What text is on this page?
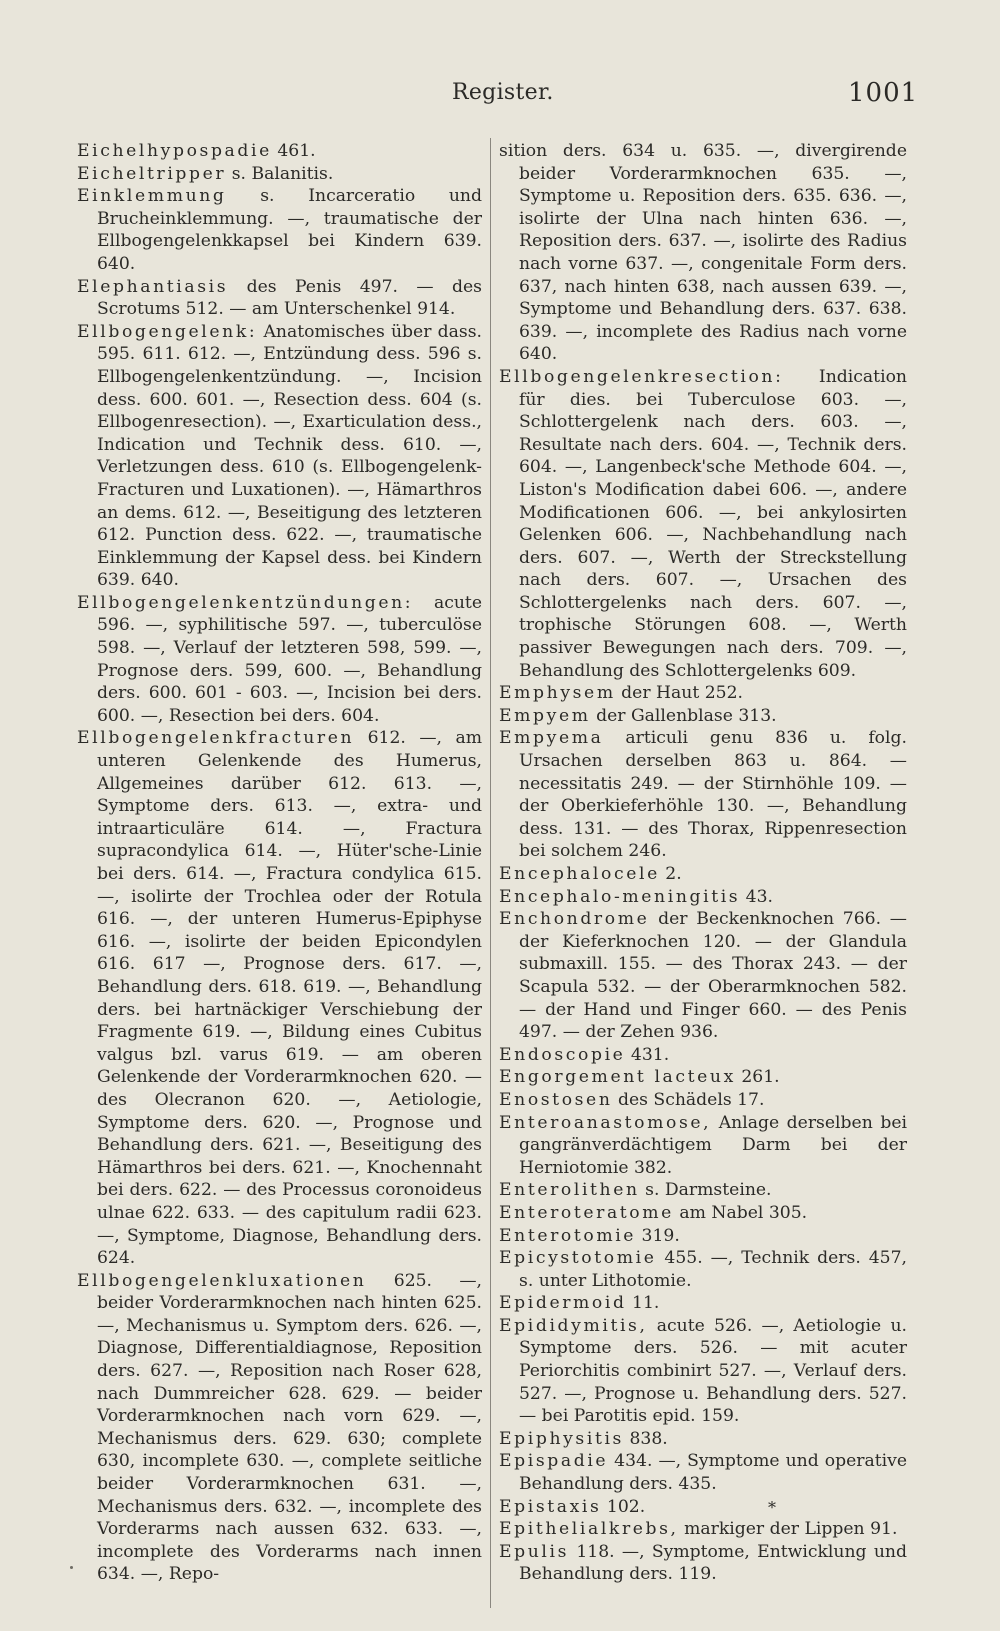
Register.	1001

Eichelhypospadie 461.

Eicheltripper s. Balanitis.

Einklemmung s. Incarceratio und Brucheinklemmung. —, traumatische der Ellbogengelenkkapsel bei Kindern 639. 640.

Elephantiasis des Penis 497. — des Scrotums 512. — am Unterschenkel 914.

Ellbogengelenk: Anatomisches über dass. 595. 611. 612. —, Entzündung dess. 596 s. Ellbogengelenkentzündung. —, Incision dess. 600. 601. —, Resection dess. 604 (s. Ellbogenresection). —, Exarticulation dess., Indication und Technik dess. 610. —, Verletzungen dess. 610 (s. Ellbogengelenk-Fracturen und Luxationen). —, Hämarthros an dems. 612. —, Beseitigung des letzteren 612. Punction dess. 622. —, traumatische Einklemmung der Kapsel dess. bei Kindern 639. 640.

Ellbogengelenkentzündungen: acute 596. —, syphilitische 597. —, tuberculöse 598. —, Verlauf der letzteren 598, 599. —, Prognose ders. 599, 600. —, Behandlung ders. 600. 601 - 603. —, Incision bei ders. 600. —, Resection bei ders. 604.

Ellbogengelenkfracturen 612. —, am unteren Gelenkende des Humerus, Allgemeines darüber 612. 613. —, Symptome ders. 613. —, extra- und intraarticuläre 614. —, Fractura supracondylica 614. —, Hüter'sche-Linie bei ders. 614. —, Fractura condylica 615. —, isolirte der Trochlea oder der Rotula 616. —, der unteren Humerus-Epiphyse 616. —, isolirte der beiden Epicondylen 616. 617 —, Prognose ders. 617. —, Behandlung ders. 618. 619. —, Behandlung ders. bei hartnäckiger Verschiebung der Fragmente 619. —, Bildung eines Cubitus valgus bzl. varus 619. — am oberen Gelenkende der Vorderarmknochen 620. — des Olecranon 620. —, Aetiologie, Symptome ders. 620. —, Prognose und Behandlung ders. 621. —, Beseitigung des Hämarthros bei ders. 621. —, Knochennaht bei ders. 622. — des Processus coronoideus ulnae 622. 633. — des capitulum radii 623. —, Symptome, Diagnose, Behandlung ders. 624.

Ellbogengelenkluxationen 625. —, beider Vorderarmknochen nach hinten 625. —, Mechanismus u. Symptom ders. 626. —, Diagnose, Differentialdiagnose, Reposition ders. 627. —, Reposition nach Roser 628, nach Dummreicher 628. 629. — beider Vorderarmknochen nach vorn 629. —, Mechanismus ders. 629. 630; complete 630, incomplete 630. —, complete seitliche beider Vorderarmknochen 631. —, Mechanismus ders. 632. —, incomplete des Vorderarms nach aussen 632. 633. —, incomplete des Vorderarms nach innen 634. —, Repo-

sition ders. 634 u. 635. —, divergirende beider Vorderarmknochen 635. —, Symptome u. Reposition ders. 635. 636. —, isolirte der Ulna nach hinten 636. —, Reposition ders. 637. —, isolirte des Radius nach vorne 637. —, congenitale Form ders. 637, nach hinten 638, nach aussen 639. —, Symptome und Behandlung ders. 637. 638. 639. —, incomplete des Radius nach vorne 640.

Ellbogengelenkresection: Indication für dies. bei Tuberculose 603. —, Schlottergelenk nach ders. 603. —, Resultate nach ders. 604. —, Technik ders. 604. —, Langenbeck'sche Methode 604. —, Liston's Modification dabei 606. —, andere Modificationen 606. —, bei ankylosirten Gelenken 606. —, Nachbehandlung nach ders. 607. —, Werth der Streckstellung nach ders. 607. —, Ursachen des Schlottergelenks nach ders. 607. —, trophische Störungen 608. —, Werth passiver Bewegungen nach ders. 709. —, Behandlung des Schlottergelenks 609.

Emphysem der Haut 252.

Empyem der Gallenblase 313.

Empyema articuli genu 836 u. folg. Ursachen derselben 863 u. 864. — necessitatis 249. — der Stirnhöhle 109. — der Oberkieferhöhle 130. —, Behandlung dess. 131. — des Thorax, Rippenresection bei solchem 246.

Encephalocele 2.

Encephalo-meningitis 43.

Enchondrome der Beckenknochen 766. — der Kieferknochen 120. — der Glandula submaxill. 155. — des Thorax 243. — der Scapula 532. — der Oberarmknochen 582. — der Hand und Finger 660. — des Penis 497. — der Zehen 936.

Endoscopie 431.

Engorgement lacteux 261.

Enostosen des Schädels 17.

Enteroanastomose, Anlage derselben bei gangränverdächtigem Darm bei der Herniotomie 382.

Enterolithen s. Darmsteine.

Enteroteratome am Nabel 305.

Enterotomie 319.

Epicystotomie 455. —, Technik ders. 457, s. unter Lithotomie.

Epidermoid 11.

Epididymitis, acute 526. —, Aetiologie u. Symptome ders. 526. — mit acuter Periorchitis combinirt 527. —, Verlauf ders. 527. —, Prognose u. Behandlung ders. 527. — bei Parotitis epid. 159.

Epiphysitis 838.

Epispadie 434. —, Symptome und operative Behandlung ders. 435.

Epistaxis 102.

Epithelialkrebs, markiger der Lippen 91.

Epulis 118. —, Symptome, Entwicklung und Behandlung ders. 119.

*
